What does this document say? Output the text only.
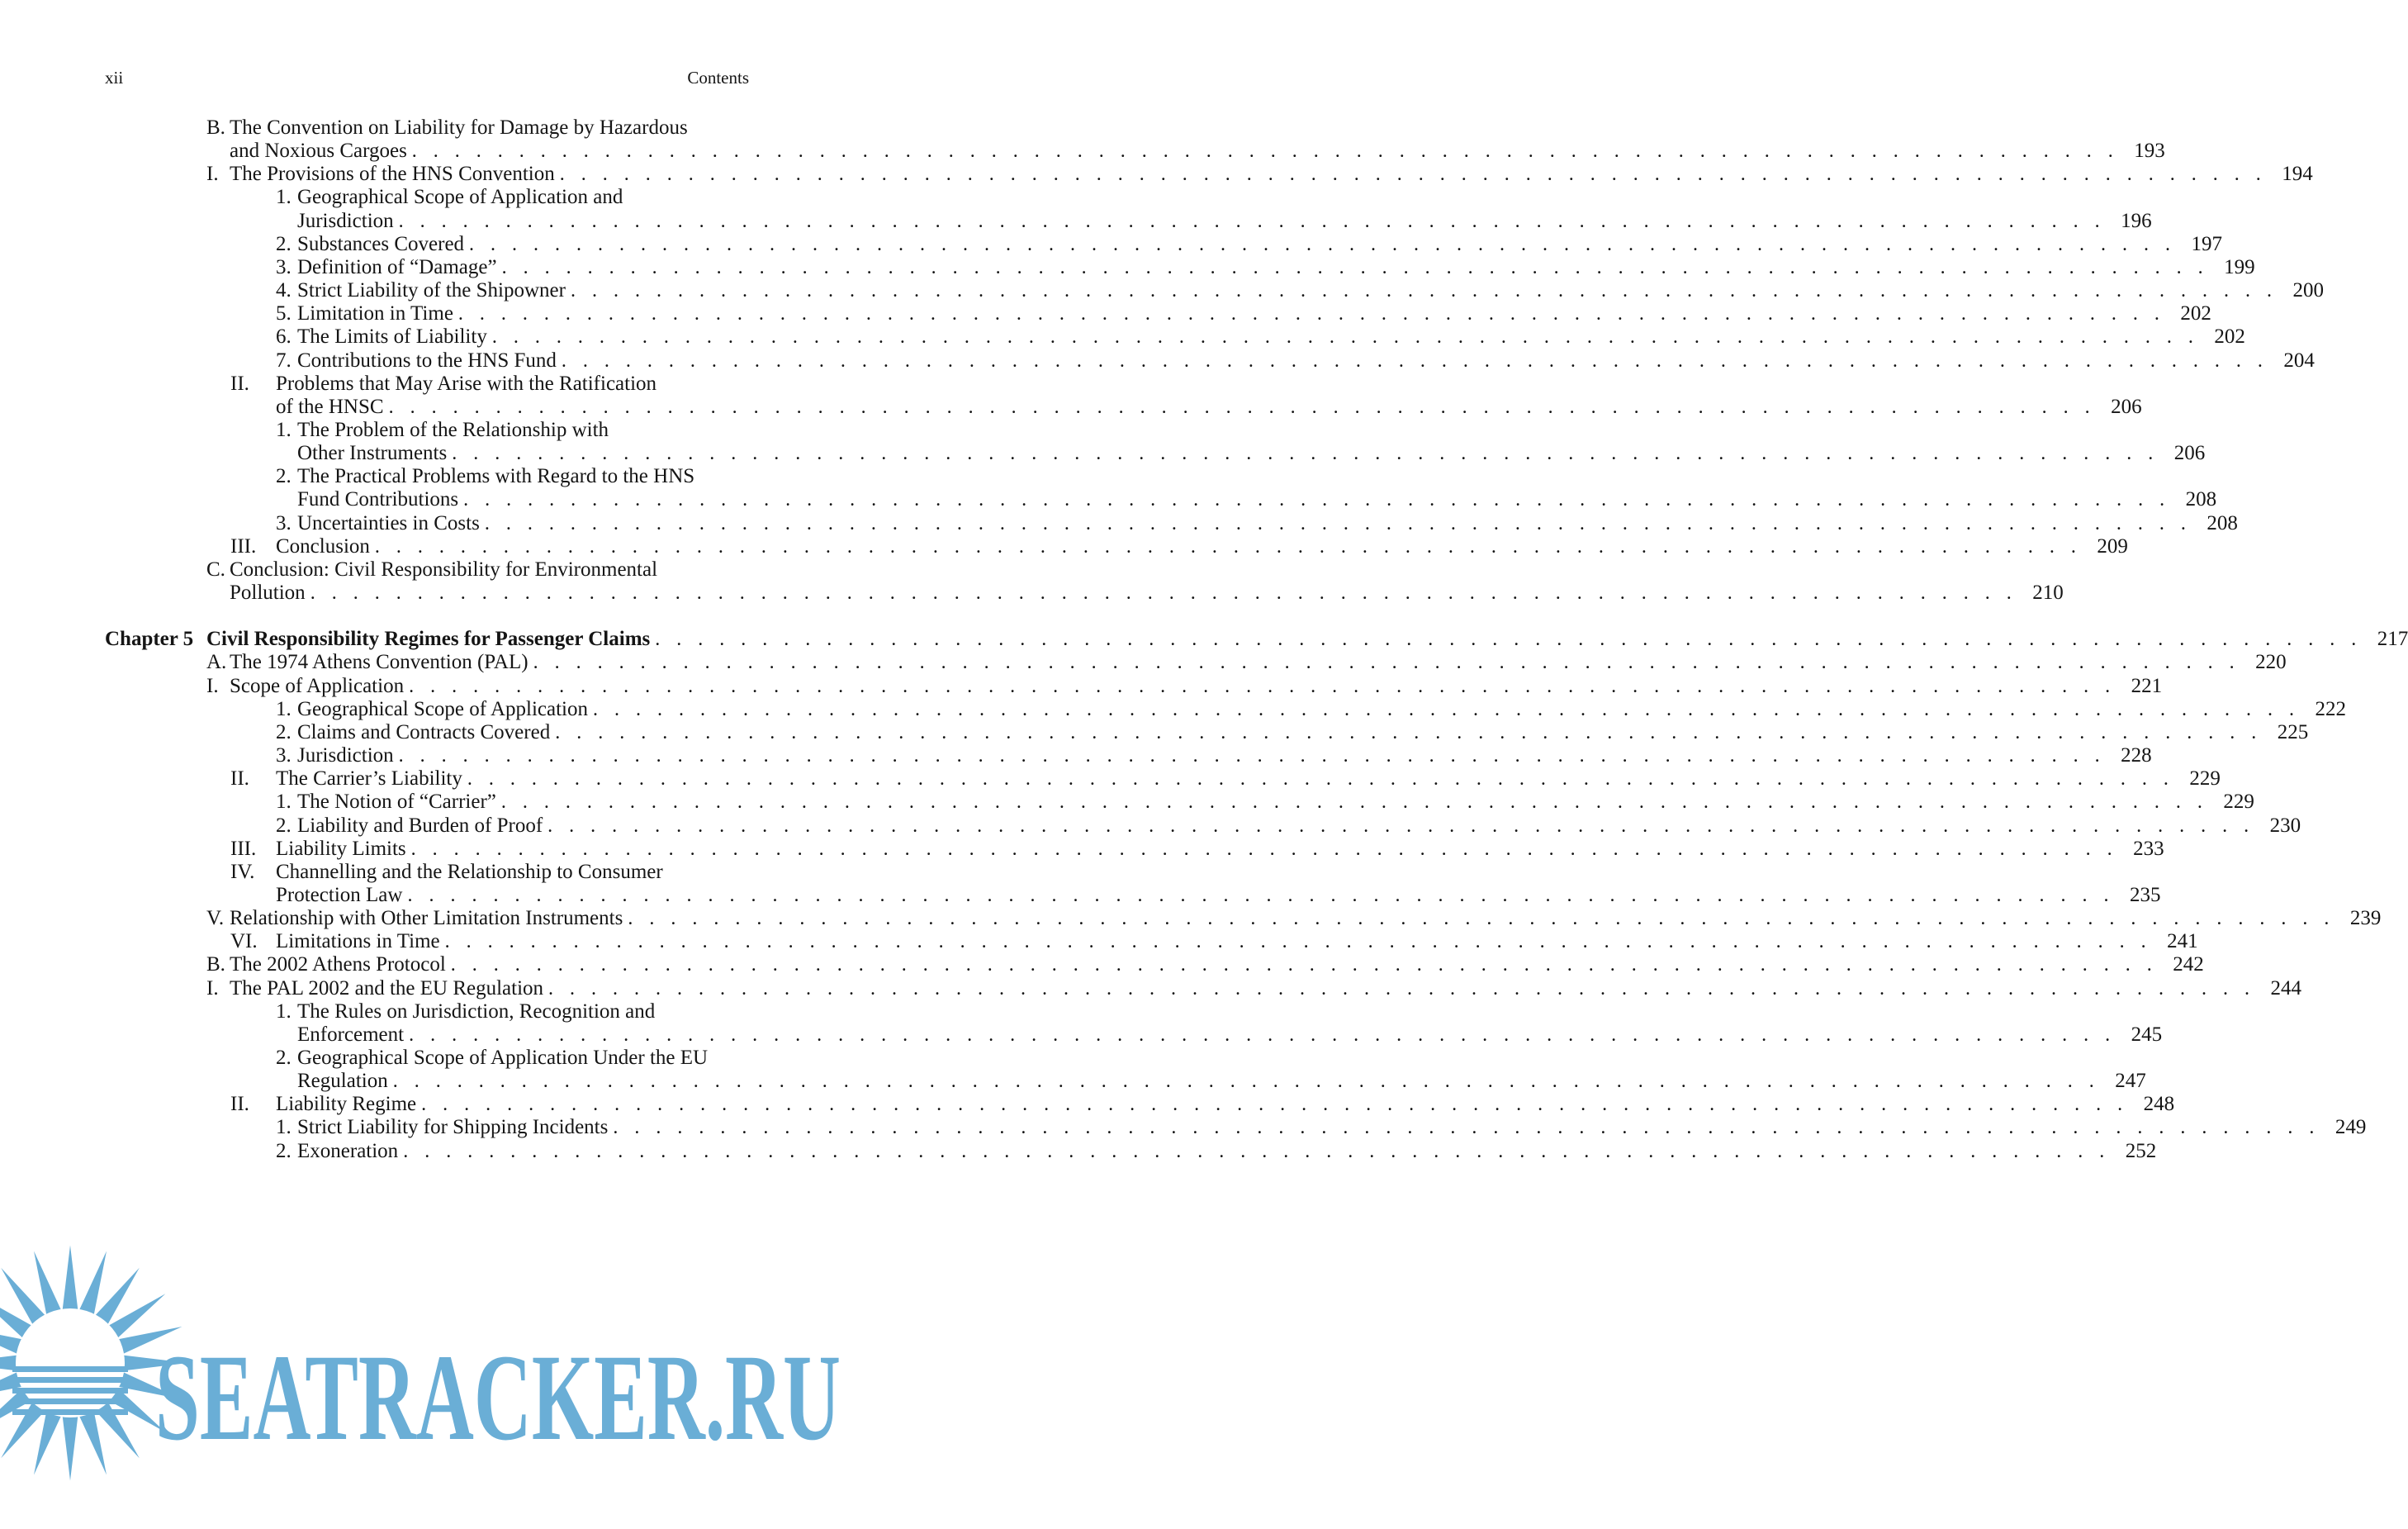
xii	Contents
B. The Convention on Liability for Damage by Hazardous
and Noxious Cargoes . . . . . . . . . . . . . . . . . . . . . . . . . . . . . . . . . . . . . . . . . . . . . . . . . . . . . . . . . . . . . . . . . . . . . . . . . . . . . . . . 193
I. The Provisions of the HNS Convention . . . . . . . . . . . . . . . . . . . . . . . . . . . . . . . . . . . . . . . . . . . . . . . . . . . . . . . . . . . . . . . . . . . . . . . . . . . . . . . . 194
1. Geographical Scope of Application and
Jurisdiction . . . . . . . . . . . . . . . . . . . . . . . . . . . . . . . . . . . . . . . . . . . . . . . . . . . . . . . . . . . . . . . . . . . . . . . . . . . . . . . . 196
2. Substances Covered . . . . . . . . . . . . . . . . . . . . . . . . . . . . . . . . . . . . . . . . . . . . . . . . . . . . . . . . . . . . . . . . . . . . . . . . . . . . . . . . 197
3. Definition of “Damage” . . . . . . . . . . . . . . . . . . . . . . . . . . . . . . . . . . . . . . . . . . . . . . . . . . . . . . . . . . . . . . . . . . . . . . . . . . . . . . . . 199
4. Strict Liability of the Shipowner . . . . . . . . . . . . . . . . . . . . . . . . . . . . . . . . . . . . . . . . . . . . . . . . . . . . . . . . . . . . . . . . . . . . . . . . . . . . . . . . 200
5. Limitation in Time . . . . . . . . . . . . . . . . . . . . . . . . . . . . . . . . . . . . . . . . . . . . . . . . . . . . . . . . . . . . . . . . . . . . . . . . . . . . . . . . 202
6. The Limits of Liability . . . . . . . . . . . . . . . . . . . . . . . . . . . . . . . . . . . . . . . . . . . . . . . . . . . . . . . . . . . . . . . . . . . . . . . . . . . . . . . . 202
7. Contributions to the HNS Fund . . . . . . . . . . . . . . . . . . . . . . . . . . . . . . . . . . . . . . . . . . . . . . . . . . . . . . . . . . . . . . . . . . . . . . . . . . . . . . . . 204
II. Problems that May Arise with the Ratification
of the HNSC . . . . . . . . . . . . . . . . . . . . . . . . . . . . . . . . . . . . . . . . . . . . . . . . . . . . . . . . . . . . . . . . . . . . . . . . . . . . . . . . 206
1. The Problem of the Relationship with
Other Instruments . . . . . . . . . . . . . . . . . . . . . . . . . . . . . . . . . . . . . . . . . . . . . . . . . . . . . . . . . . . . . . . . . . . . . . . . . . . . . . . . 206
2. The Practical Problems with Regard to the HNS
Fund Contributions . . . . . . . . . . . . . . . . . . . . . . . . . . . . . . . . . . . . . . . . . . . . . . . . . . . . . . . . . . . . . . . . . . . . . . . . . . . . . . . . 208
3. Uncertainties in Costs . . . . . . . . . . . . . . . . . . . . . . . . . . . . . . . . . . . . . . . . . . . . . . . . . . . . . . . . . . . . . . . . . . . . . . . . . . . . . . . . 208
III. Conclusion . . . . . . . . . . . . . . . . . . . . . . . . . . . . . . . . . . . . . . . . . . . . . . . . . . . . . . . . . . . . . . . . . . . . . . . . . . . . . . . . 209
C. Conclusion: Civil Responsibility for Environmental
Pollution . . . . . . . . . . . . . . . . . . . . . . . . . . . . . . . . . . . . . . . . . . . . . . . . . . . . . . . . . . . . . . . . . . . . . . . . . . . . . . . . 210
Chapter 5 Civil Responsibility Regimes for Passenger Claims . . . . . . . . . . . . . . . . . . . . . . . . . . . . . . . . . . . . . . . . . . . . . . . . . . . . . . . . . . . . . . . . . . . . . . . . . . . . . . . . 217
A. The 1974 Athens Convention (PAL) . . . . . . . . . . . . . . . . . . . . . . . . . . . . . . . . . . . . . . . . . . . . . . . . . . . . . . . . . . . . . . . . . . . . . . . . . . . . . . . . 220
I. Scope of Application . . . . . . . . . . . . . . . . . . . . . . . . . . . . . . . . . . . . . . . . . . . . . . . . . . . . . . . . . . . . . . . . . . . . . . . . . . . . . . . . 221
1. Geographical Scope of Application . . . . . . . . . . . . . . . . . . . . . . . . . . . . . . . . . . . . . . . . . . . . . . . . . . . . . . . . . . . . . . . . . . . . . . . . . . . . . . . . 222
2. Claims and Contracts Covered . . . . . . . . . . . . . . . . . . . . . . . . . . . . . . . . . . . . . . . . . . . . . . . . . . . . . . . . . . . . . . . . . . . . . . . . . . . . . . . . 225
3. Jurisdiction . . . . . . . . . . . . . . . . . . . . . . . . . . . . . . . . . . . . . . . . . . . . . . . . . . . . . . . . . . . . . . . . . . . . . . . . . . . . . . . . 228
II. The Carrier’s Liability . . . . . . . . . . . . . . . . . . . . . . . . . . . . . . . . . . . . . . . . . . . . . . . . . . . . . . . . . . . . . . . . . . . . . . . . . . . . . . . . 229
1. The Notion of “Carrier” . . . . . . . . . . . . . . . . . . . . . . . . . . . . . . . . . . . . . . . . . . . . . . . . . . . . . . . . . . . . . . . . . . . . . . . . . . . . . . . . 229
2. Liability and Burden of Proof . . . . . . . . . . . . . . . . . . . . . . . . . . . . . . . . . . . . . . . . . . . . . . . . . . . . . . . . . . . . . . . . . . . . . . . . . . . . . . . . 230
III. Liability Limits . . . . . . . . . . . . . . . . . . . . . . . . . . . . . . . . . . . . . . . . . . . . . . . . . . . . . . . . . . . . . . . . . . . . . . . . . . . . . . . . 233
IV. Channelling and the Relationship to Consumer
Protection Law . . . . . . . . . . . . . . . . . . . . . . . . . . . . . . . . . . . . . . . . . . . . . . . . . . . . . . . . . . . . . . . . . . . . . . . . . . . . . . . . 235
V. Relationship with Other Limitation Instruments . . . . . . . . . . . . . . . . . . . . . . . . . . . . . . . . . . . . . . . . . . . . . . . . . . . . . . . . . . . . . . . . . . . . . . . . . . . . . . . . 239
VI. Limitations in Time . . . . . . . . . . . . . . . . . . . . . . . . . . . . . . . . . . . . . . . . . . . . . . . . . . . . . . . . . . . . . . . . . . . . . . . . . . . . . . . . 241
B. The 2002 Athens Protocol . . . . . . . . . . . . . . . . . . . . . . . . . . . . . . . . . . . . . . . . . . . . . . . . . . . . . . . . . . . . . . . . . . . . . . . . . . . . . . . . 242
I. The PAL 2002 and the EU Regulation . . . . . . . . . . . . . . . . . . . . . . . . . . . . . . . . . . . . . . . . . . . . . . . . . . . . . . . . . . . . . . . . . . . . . . . . . . . . . . . . 244
1. The Rules on Jurisdiction, Recognition and
Enforcement . . . . . . . . . . . . . . . . . . . . . . . . . . . . . . . . . . . . . . . . . . . . . . . . . . . . . . . . . . . . . . . . . . . . . . . . . . . . . . . . 245
2. Geographical Scope of Application Under the EU
Regulation . . . . . . . . . . . . . . . . . . . . . . . . . . . . . . . . . . . . . . . . . . . . . . . . . . . . . . . . . . . . . . . . . . . . . . . . . . . . . . . . 247
II. Liability Regime . . . . . . . . . . . . . . . . . . . . . . . . . . . . . . . . . . . . . . . . . . . . . . . . . . . . . . . . . . . . . . . . . . . . . . . . . . . . . . . . 248
1. Strict Liability for Shipping Incidents . . . . . . . . . . . . . . . . . . . . . . . . . . . . . . . . . . . . . . . . . . . . . . . . . . . . . . . . . . . . . . . . . . . . . . . . . . . . . . . . 249
2. Exoneration . . . . . . . . . . . . . . . . . . . . . . . . . . . . . . . . . . . . . . . . . . . . . . . . . . . . . . . . . . . . . . . . . . . . . . . . . . . . . . . . 252
SEATRACKER.RU
